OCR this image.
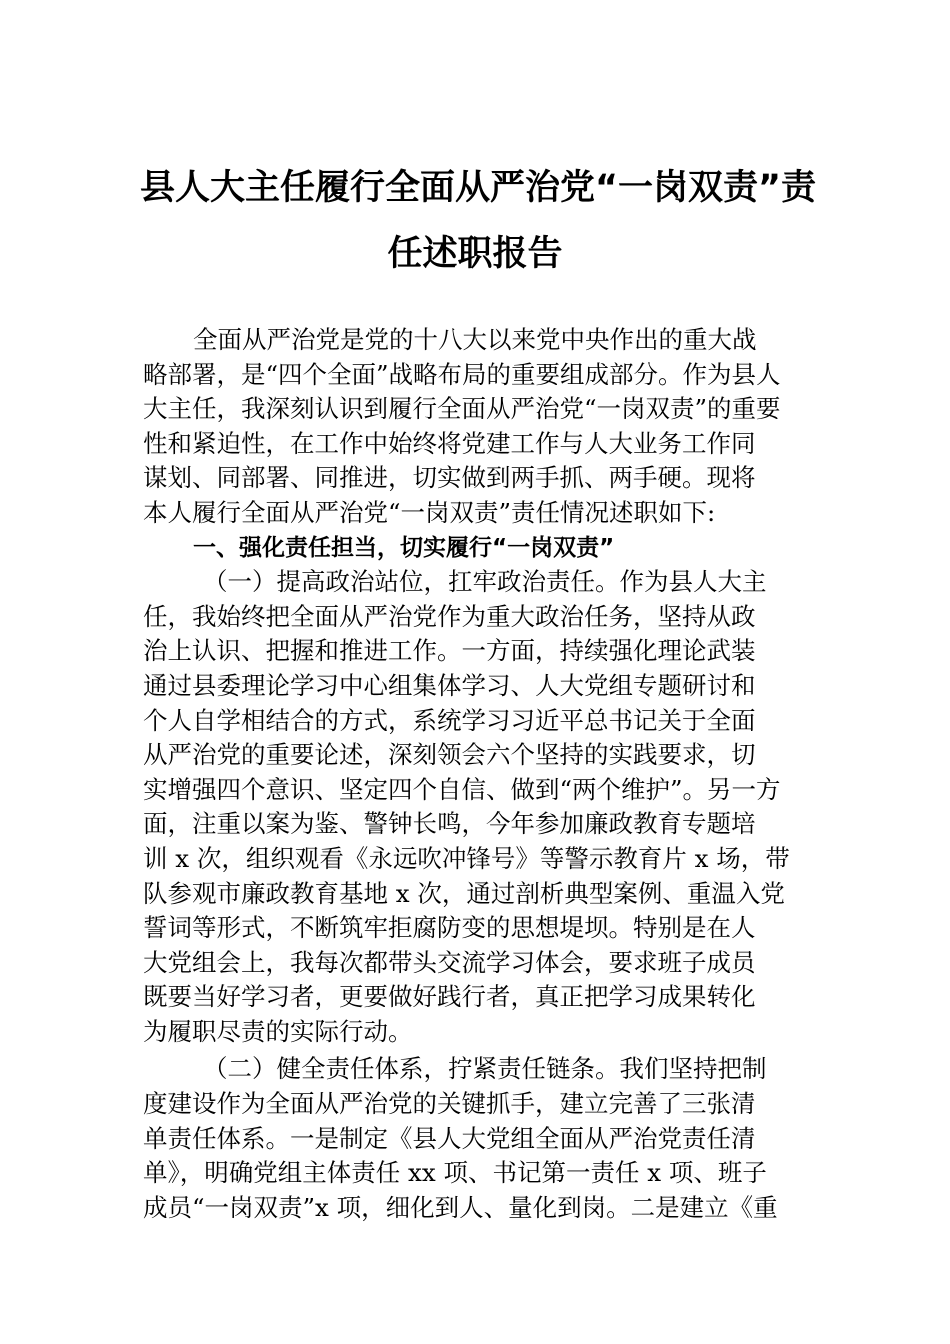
县人大主任履行全面从严治党“一岗双责”责
任述职报告
全面从严治党是党的十八大以来党中央作出的重大战
略部署，是“四个全面”战略布局的重要组成部分。作为县人
大主任，我深刻认识到履行全面从严治党“一岗双责”的重要
性和紧迫性，在工作中始终将党建工作与人大业务工作同
谋划、同部署、同推进，切实做到两手抓、两手硬。现将
本人履行全面从严治党“一岗双责”责任情况述职如下:
一、强化责任担当，切实履行“一岗双责”
（一）提高政治站位，扛牢政治责任。作为县人大主
任，我始终把全面从严治党作为重大政治任务，坚持从政
治上认识、把握和推进工作。一方面，持续强化理论武装
通过县委理论学习中心组集体学习、人大党组专题研讨和
个人自学相结合的方式，系统学习习近平总书记关于全面
从严治党的重要论述，深刻领会六个坚持的实践要求，切
实增强四个意识、坚定四个自信、做到“两个维护”。另一方
面，注重以案为鉴、警钟长鸣，今年参加廉政教育专题培
训 x 次，组织观看《永远吹冲锋号》等警示教育片 x 场，带
队参观市廉政教育基地 x 次，通过剖析典型案例、重温入党
誓词等形式，不断筑牢拒腐防变的思想堤坝。特别是在人
大党组会上，我每次都带头交流学习体会，要求班子成员
既要当好学习者，更要做好践行者，真正把学习成果转化
为履职尽责的实际行动。
（二）健全责任体系，拧紧责任链条。我们坚持把制
度建设作为全面从严治党的关键抓手，建立完善了三张清
单责任体系。一是制定《县人大党组全面从严治党责任清
单》，明确党组主体责任 xx 项、书记第一责任 x 项、班子
成员“一岗双责”x 项，细化到人、量化到岗。二是建立《重
